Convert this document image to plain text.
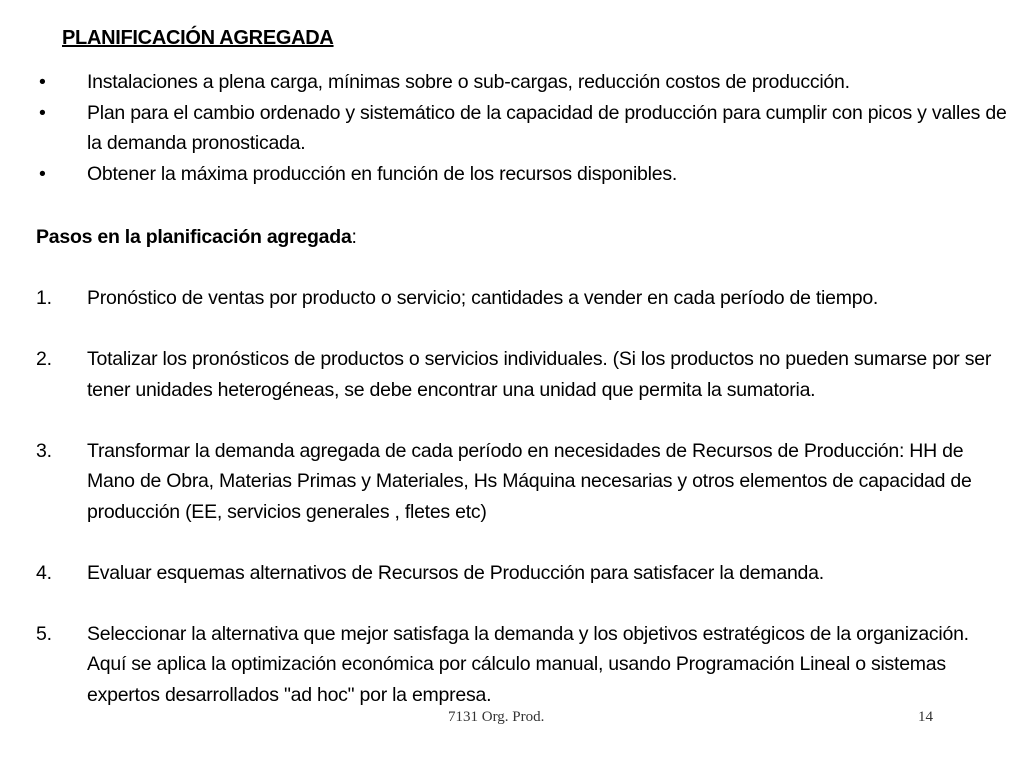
PLANIFICACIÓN AGREGADA
• Instalaciones a plena carga, mínimas sobre o sub-cargas, reducción costos de producción.
• Plan para el cambio ordenado y sistemático de la capacidad de producción para cumplir con picos y valles de la demanda pronosticada.
• Obtener la máxima producción en función de los recursos disponibles.
Pasos en la planificación agregada:
1. Pronóstico de ventas por producto o servicio; cantidades a vender en cada período de tiempo.
2. Totalizar los pronósticos de productos o servicios individuales. (Si los productos no pueden sumarse por ser tener unidades heterogéneas, se debe encontrar una unidad que permita la sumatoria.
3. Transformar la demanda agregada de cada período en necesidades de Recursos de Producción: HH de Mano de Obra, Materias Primas y Materiales, Hs Máquina necesarias y otros elementos de capacidad de producción (EE, servicios generales , fletes etc)
4. Evaluar esquemas alternativos de Recursos de Producción para satisfacer la demanda.
5. Seleccionar la alternativa que mejor satisfaga la demanda y los objetivos estratégicos de la organización. Aquí se aplica la optimización económica por cálculo manual, usando Programación Lineal o sistemas expertos desarrollados "ad hoc" por la empresa.
7131 Org. Prod.	14
